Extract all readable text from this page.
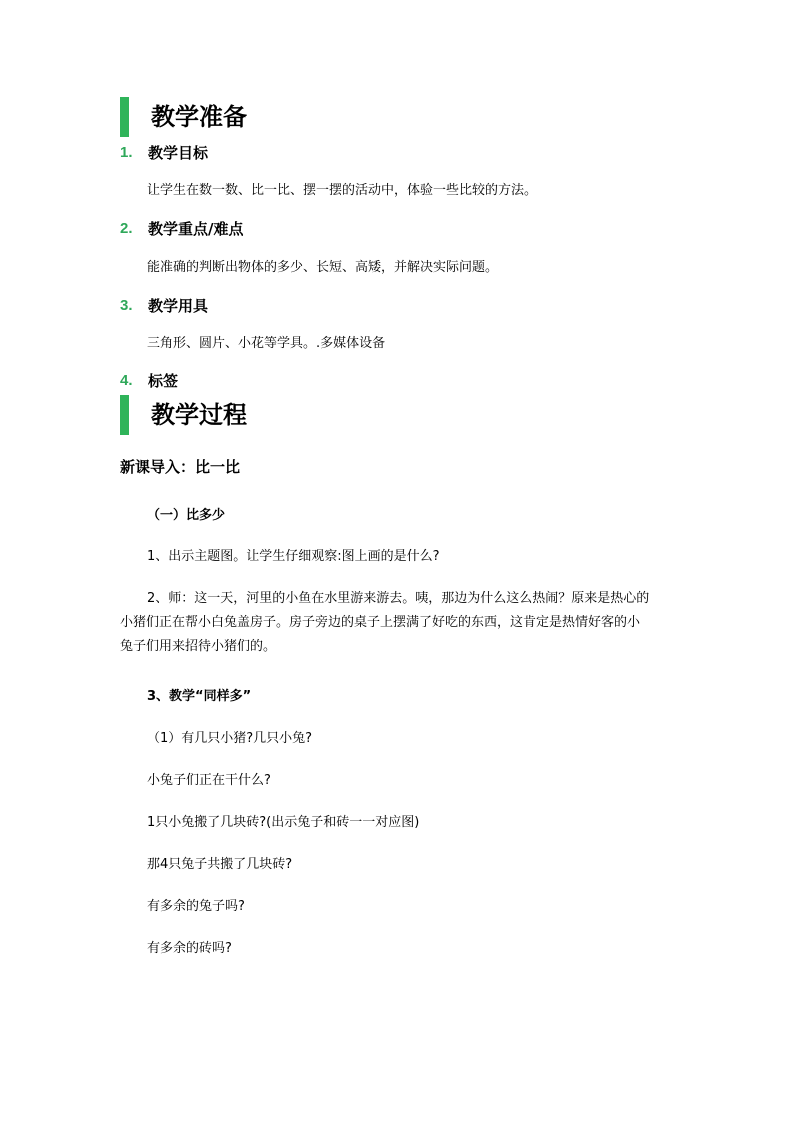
教学准备
1.	教学目标
让学生在数一数、比一比、摆一摆的活动中，体验一些比较的方法。
2.	教学重点/难点
能准确的判断出物体的多少、长短、高矮，并解决实际问题。
3.	教学用具
三角形、圆片、小花等学具。.多媒体设备
4.	标签
教学过程
新课导入：比一比
（一）比多少
1、出示主题图。让学生仔细观察:图上画的是什么?
2、师：这一天，河里的小鱼在水里游来游去。咦，那边为什么这么热闹？原来是热心的小猪们正在帮小白兔盖房子。房子旁边的桌子上摆满了好吃的东西，这肯定是热情好客的小兔子们用来招待小猪们的。
3、教学“同样多”
（1）有几只小猪?几只小兔?
小兔子们正在干什么?
1只小兔搬了几块砖?(出示兔子和砖一一对应图)
那4只兔子共搬了几块砖?
有多余的兔子吗?
有多余的砖吗?
